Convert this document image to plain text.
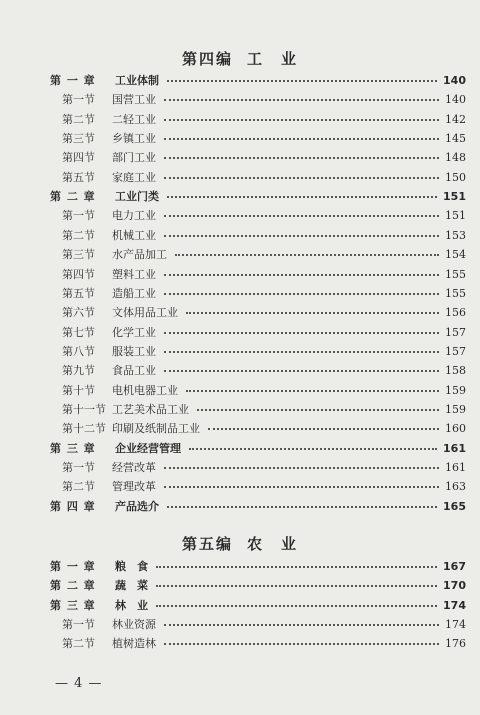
第四编 工　业
第 一 章 工业体制	140
第一节 国营工业	140
第二节 二轻工业	142
第三节 乡镇工业	145
第四节 部门工业	148
第五节 家庭工业	150
第 二 章 工业门类	151
第一节 电力工业	151
第二节 机械工业	153
第三节 水产品加工	154
第四节 塑料工业	155
第五节 造船工业	155
第六节 文体用品工业	156
第七节 化学工业	157
第八节 服装工业	157
第九节 食品工业	158
第十节 电机电器工业	159
第十一节 工艺美术品工业	159
第十二节 印刷及纸制品工业	160
第 三 章 企业经营管理	161
第一节 经营改革	161
第二节 管理改革	163
第 四 章 产品选介	165
第五编 农　业
第 一 章 粮　食	167
第 二 章 蔬　菜	170
第 三 章 林　业	174
第一节 林业资源	174
第二节 植树造林	176
— 4 —
